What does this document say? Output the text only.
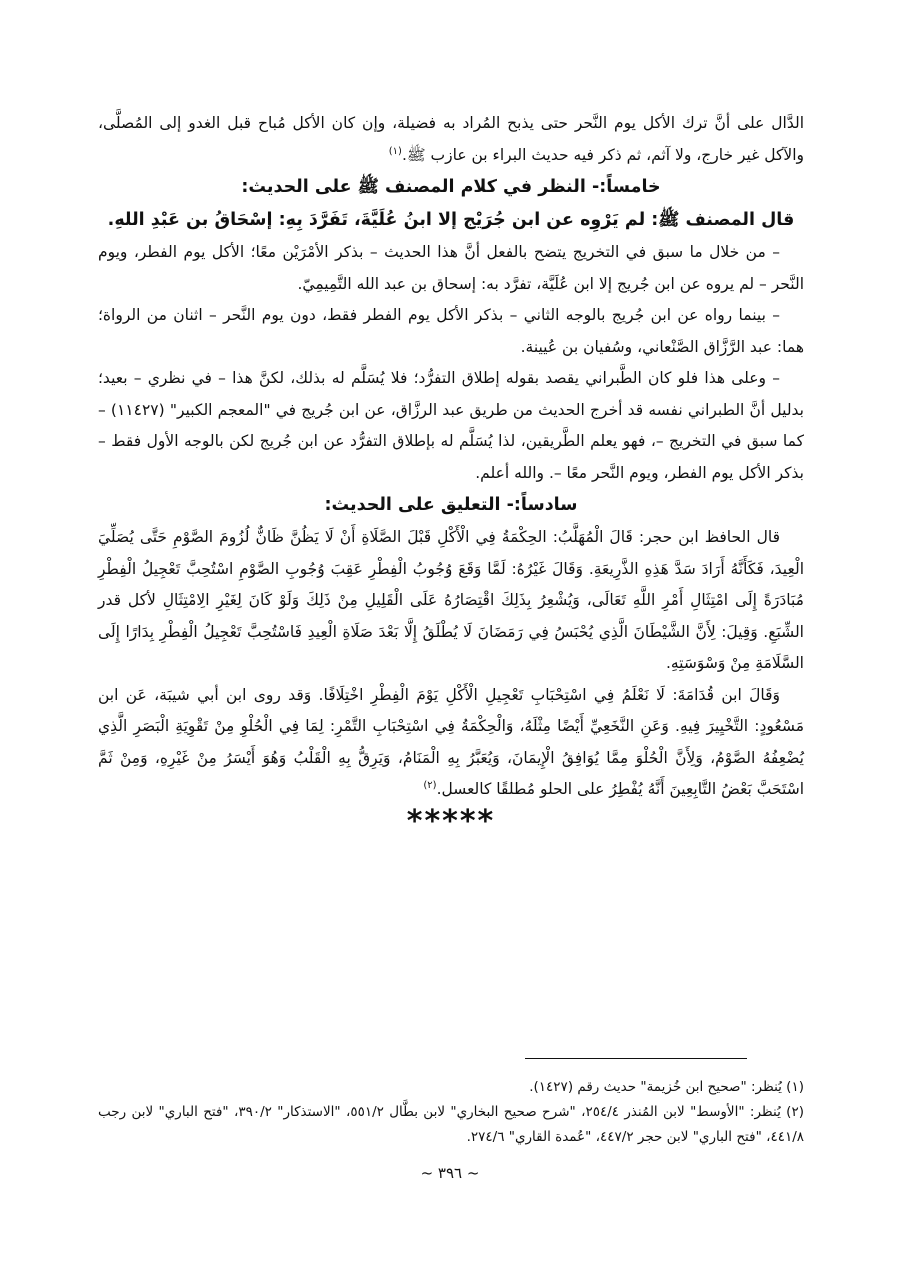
الدَّال على أنَّ ترك الأكل يوم النَّحر حتى يذبح المُراد به فضيلة، وإن كان الأكل مُباح قبل الغدو إلى المُصلَّى، والآكل غير خارج، ولا آثم، ثم ذكر فيه حديث البراء بن عازب ﷺ.$^{(١)}$

خامساً:- النظر في كلام المصنف ﷺ على الحديث:

قال المصنف ﷺ: لم يَرْوِه عن ابن جُرَيْج إلا ابنُ عُلَيَّةَ، تَفَرَّدَ بِهِ: إسْحَاقُ بن عَبْدِ اللهِ.

– من خلال ما سبق في التخريج يتضح بالفعل أنَّ هذا الحديث – بذكر الأمْرَيْن معًا؛ الأكل يوم الفطر، ويوم النَّحر – لم يروه عن ابن جُريج إلا ابن عُلَيَّة، تفرَّد به: إسحاق بن عبد الله التَّمِيمِيّ.

– بينما رواه عن ابن جُريج بالوجه الثاني – بذكر الأكل يوم الفطر فقط، دون يوم النَّحر – اثنان من الرواة؛ هما: عبد الرَّزَّاق الصَّنْعاني، وسُفيان بن عُيينة.

– وعلى هذا فلو كان الطَّبراني يقصد بقوله إطلاق التفرُّد؛ فلا يُسَلَّم له بذلك، لكنَّ هذا – في نظري – بعيد؛ بدليل أنَّ الطبراني نفسه قد أخرج الحديث من طريق عبد الرزَّاق، عن ابن جُريج في "المعجم الكبير" (١١٤٢٧) – كما سبق في التخريج –، فهو يعلم الطَّريقين، لذا يُسَلَّم له بإطلاق التفرُّد عن ابن جُريج لكن بالوجه الأول فقط – بذكر الأكل يوم الفطر، ويوم النَّحر معًا –. والله أعلم.

سادساً:- التعليق على الحديث:

قال الحافظ ابن حجر: قَالَ الْمُهَلَّبُ: الحِكْمَةُ فِي الْأَكْلِ قَبْلَ الصَّلَاةِ أَنْ لَا يَظُنَّ ظَانٌّ لُزُومَ الصَّوْمِ حَتَّى يُصَلِّيَ الْعِيدَ، فَكَأَنَّهُ أَرَادَ سَدَّ هَذِهِ الذَّرِيعَةِ. وَقَالَ غَيْرُهُ: لَمَّا وَقَعَ وُجُوبُ الْفِطْرِ عَقِبَ وُجُوبِ الصَّوْمِ اسْتُحِبَّ تَعْجِيلُ الْفِطْرِ مُبَادَرَةً إِلَى امْتِثَالِ أَمْرِ اللَّهِ تَعَالَى، وَيُشْعِرُ بِذَلِكَ اقْتِصَارُهُ عَلَى الْقَلِيلِ مِنْ ذَلِكَ وَلَوْ كَانَ لِغَيْرِ الِامْتِثَالِ لأكل قدر الشِّبَعِ. وَقِيلَ: لِأَنَّ الشَّيْطَانَ الَّذِي يُحْبَسُ فِي رَمَضَانَ لَا يُطْلَقُ إِلَّا بَعْدَ صَلَاةِ الْعِيدِ فَاسْتُحِبَّ تَعْجِيلُ الْفِطْرِ بِدَارًا إِلَى السَّلَامَةِ مِنْ وَسْوَسَتِهِ.

وَقَالَ ابن قُدَامَةَ: لَا نَعْلَمُ فِي اسْتِحْبَابِ تَعْجِيلِ الْأَكْلِ يَوْمَ الْفِطْرِ اخْتِلَافًا. وَقد روى ابن أبي شيبَة، عَن ابن مَسْعُودٍ: التَّخْيِيرَ فِيهِ. وَعَنِ النَّخَعِيِّ أَيْضًا مِثْلَهُ، وَالْحِكْمَةُ فِي اسْتِحْبَابِ التَّمْرِ: لِمَا فِي الْحُلْوِ مِنْ تَقْوِيَةِ الْبَصَرِ الَّذِي يُضْعِفُهُ الصَّوْمُ، وَلِأَنَّ الْحُلْوَ مِمَّا يُوَافِقُ الْإِيمَانَ، وَيُعَبَّرُ بِهِ الْمَنَامُ، وَيَرِقُّ بِهِ الْقَلْبُ وَهُوَ أَيْسَرُ مِنْ غَيْرِهِ، وَمِنْ ثَمَّ اسْتَحَبَّ بَعْضُ التَّابِعِينَ أَنَّهُ يُفْطِرُ على الحلو مُطلقًا كالعسل.$^{(٢)}$

*****

(١) يُنظر: "صحيح ابن خُزيمة" حديث رقم (١٤٢٧).

(٢) يُنظر: "الأوسط" لابن المُنذر ٢٥٤/٤، "شرح صحيح البخاري" لابن بطَّال ٥٥١/٢، "الاستذكار" ٣٩٠/٢، "فتح الباري" لابن رجب ٤٤١/٨، "فتح الباري" لابن حجر ٤٤٧/٢، "عُمدة القاري" ٢٧٤/٦.

~ ٣٩٦ ~
